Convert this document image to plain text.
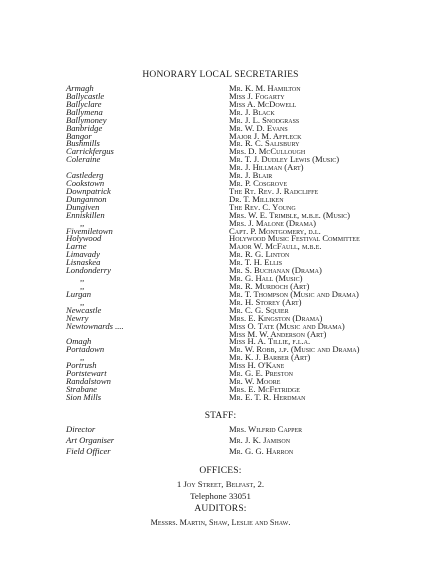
HONORARY LOCAL SECRETARIES
Armagh	Mr. K. M. Hamilton
Ballycastle	Miss J. Fogarty
Ballyclare	Miss A. McDowell
Ballymena	Mr. J. Black
Ballymoney	Mr. J. L. Snodgrass
Banbridge	Mr. W. D. Evans
Bangor	Major J. M. Affleck
Bushmills	Mr. R. C. Salisbury
Carrickfergus	Mrs. D. McCullough
Coleraine	Mr. T. J. Dudley Lewis (Music)
Mr. J. Hillman (Art)
Castlederg	Mr. J. Blair
Cookstown	Mr. P. Cosgrove
Downpatrick	The Rt. Rev. J. Radcliffe
Dungannon	Dr. T. Milliken
Dungiven	The Rev. C. Young
Enniskillen	Mrs. W. E. Trimble, m.b.e. (Music)
,,	Mrs. J. Malone (Drama)
Fivemiletown	Capt. P. Montgomery, d.l.
Holywood	Holywood Music Festival Committee
Larne	Major W. McFaull, m.b.e.
Limavady	Mr. R. G. Linton
Lisnaskea	Mr. T. H. Ellis
Londonderry	Mr. S. Buchanan (Drama)
,,	Mr. G. Hall (Music)
,,	Mr. R. Murdoch (Art)
Lurgan	Mr. T. Thompson (Music and Drama)
,,	Mr. H. Storey (Art)
Newcastle	Mr. C. G. Squier
Newry	Mrs. E. Kingston (Drama)
Newtownards ....	Miss O. Tate (Music and Drama)
Miss M. W. Anderson (Art)
Omagh	Miss H. A. Tillie, f.l.a.
Portadown	Mr. W. Robb, j.p. (Music and Drama)
,,	Mr. K. J. Barber (Art)
Portrush	Miss H. O'Kane
Portstewart	Mr. G. E. Preston
Randalstown	Mr. W. Moore
Strabane	Mrs. E. McFetridge
Sion Mills	Mr. E. T. R. Herdman
STAFF:
Director	Mrs. Wilfrid Capper
Art Organiser	Mr. J. K. Jamison
Field Officer	Mr. G. G. Harron
OFFICES:
1 Joy Street, Belfast, 2.
Telephone 33051
AUDITORS:
Messrs. Martin, Shaw, Leslie and Shaw.
